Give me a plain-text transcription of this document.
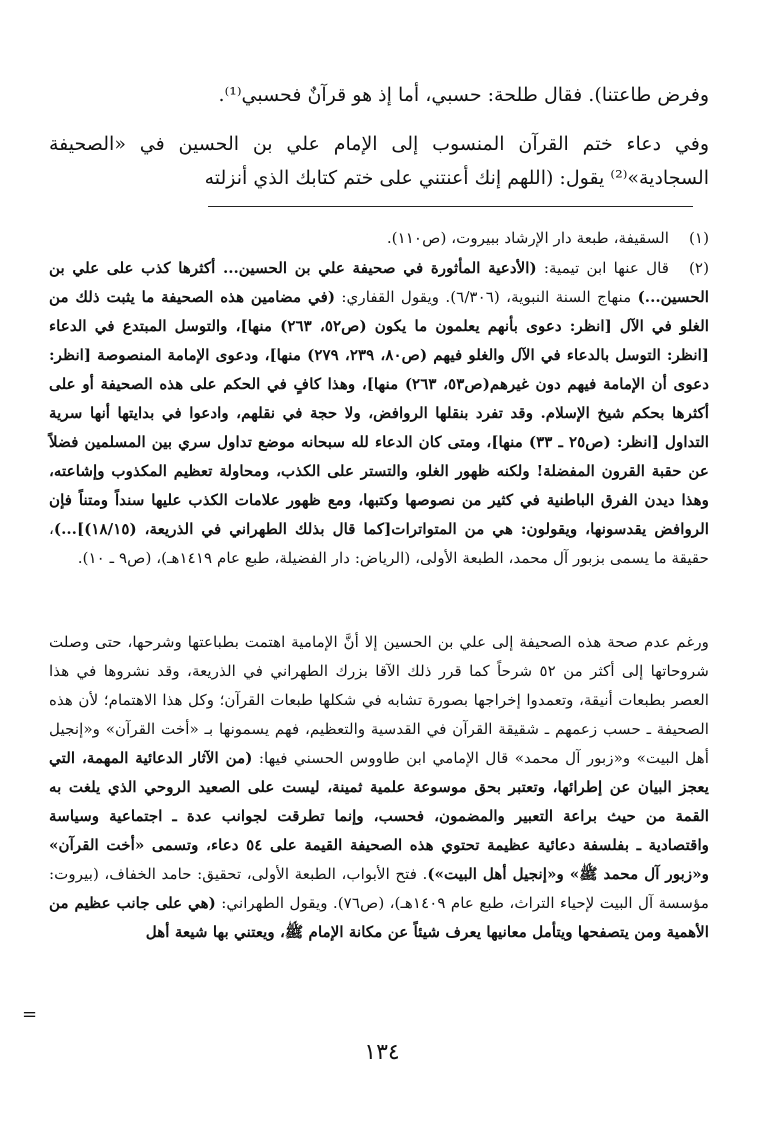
وفرض طاعتنا). فقال طلحة: حسبي، أما إذ هو قرآنٌ فحسبي⁽¹⁾.

وفي دعاء ختم القرآن المنسوب إلى الإمام علي بن الحسين في «الصحيفة السجادية»⁽²⁾ يقول: (اللهم إنك أعنتني على ختم كتابك الذي أنزلته

(١)السقيفة، طبعة دار الإرشاد ببيروت، (ص١١٠).

(٢)قال عنها ابن تيمية: (الأدعية المأثورة في صحيفة علي بن الحسين... أكثرها كذب على علي بن الحسين...) منهاج السنة النبوية، (٦/٣٠٦). ويقول القفاري: (في مضامين هذه الصحيفة ما يثبت ذلك من الغلو في الآل [انظر: دعوى بأنهم يعلمون ما يكون (ص٥٢، ٢٦٣) منها]، والتوسل المبتدع في الدعاء [انظر: التوسل بالدعاء في الآل والغلو فيهم (ص٨٠، ٢٣٩، ٢٧٩) منها]، ودعوى الإمامة المنصوصة [انظر: دعوى أن الإمامة فيهم دون غيرهم(ص٥٣، ٢٦٣) منها]، وهذا كافٍ في الحكم على هذه الصحيفة أو على أكثرها بحكم شيخ الإسلام. وقد تفرد بنقلها الروافض، ولا حجة في نقلهم، وادعوا في بدايتها أنها سرية التداول [انظر: (ص٢٥ ـ ٣٣) منها]، ومتى كان الدعاء لله سبحانه موضع تداول سري بين المسلمين فضلاً عن حقبة القرون المفضلة! ولكنه ظهور الغلو، والتستر على الكذب، ومحاولة تعظيم المكذوب وإشاعته، وهذا ديدن الفرق الباطنية في كثير من نصوصها وكتبها، ومع ظهور علامات الكذب عليها سنداً ومتناً فإن الروافض يقدسونها، ويقولون: هي من المتواترات[كما قال بذلك الطهراني في الذريعة، (١٨/١٥)]...)، حقيقة ما يسمى بزبور آل محمد، الطبعة الأولى، (الرياض: دار الفضيلة، طبع عام ١٤١٩هـ)، (ص٩ ـ ١٠).

ورغم عدم صحة هذه الصحيفة إلى علي بن الحسين إلا أنَّ الإمامية اهتمت بطباعتها وشرحها، حتى وصلت شروحاتها إلى أكثر من ٥٢ شرحاً كما قرر ذلك الآقا بزرك الطهراني في الذريعة، وقد نشروها في هذا العصر بطبعات أنيقة، وتعمدوا إخراجها بصورة تشابه في شكلها طبعات القرآن؛ وكل هذا الاهتمام؛ لأن هذه الصحيفة ـ حسب زعمهم ـ شقيقة القرآن في القدسية والتعظيم، فهم يسمونها بـ «أخت القرآن» و«إنجيل أهل البيت» و«زبور آل محمد» قال الإمامي ابن طاووس الحسني فيها: (من الآثار الدعائية المهمة، التي يعجز البيان عن إطرائها، وتعتبر بحق موسوعة علمية ثمينة، ليست على الصعيد الروحي الذي يلغت به القمة من حيث براعة التعبير والمضمون، فحسب، وإنما تطرقت لجوانب عدة ـ اجتماعية وسياسة واقتصادية ـ بفلسفة دعائية عظيمة تحتوي هذه الصحيفة القيمة على ٥٤ دعاء، وتسمى «أخت القرآن» و«زبور آل محمد ﷺ» و«إنجيل أهل البيت»). فتح الأبواب، الطبعة الأولى، تحقيق: حامد الخفاف، (بيروت: مؤسسة آل البيت لإحياء التراث، طبع عام ١٤٠٩هـ)، (ص٧٦). ويقول الطهراني: (هي على جانب عظيم من الأهمية ومن يتصفحها ويتأمل معانيها يعرف شيئاً عن مكانة الإمام ﷺ، ويعتني بها شيعة أهل

=
١٣٤
